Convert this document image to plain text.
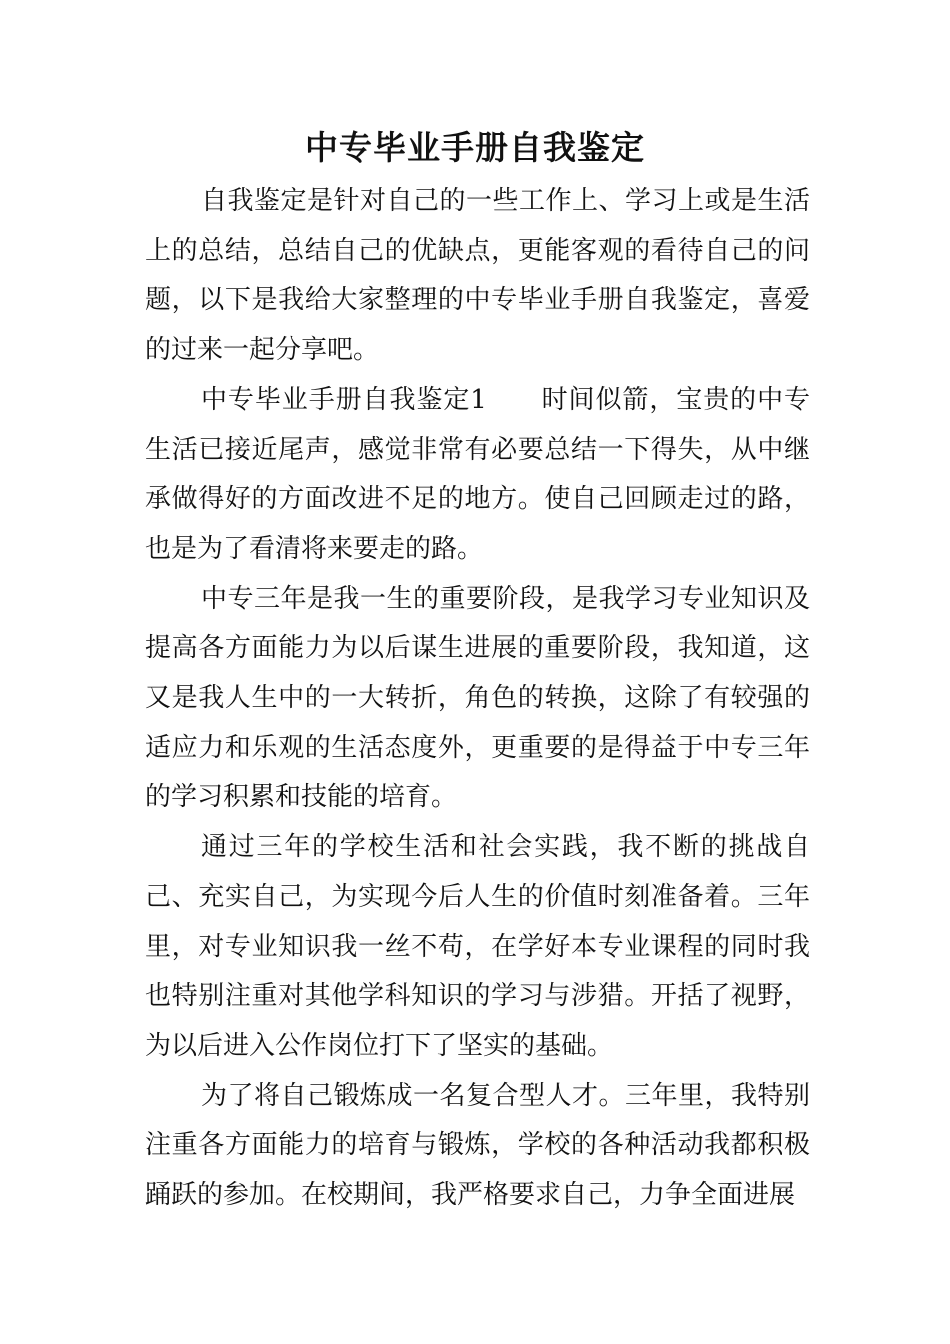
中专毕业手册自我鉴定

自我鉴定是针对自己的一些工作上、学习上或是生活上的总结，总结自己的优缺点，更能客观的看待自己的问题，以下是我给大家整理的中专毕业手册自我鉴定，喜爱的过来一起分享吧。

中专毕业手册自我鉴定1　　时间似箭，宝贵的中专生活已接近尾声，感觉非常有必要总结一下得失，从中继承做得好的方面改进不足的地方。使自己回顾走过的路，也是为了看清将来要走的路。

中专三年是我一生的重要阶段，是我学习专业知识及提高各方面能力为以后谋生进展的重要阶段，我知道，这又是我人生中的一大转折，角色的转换，这除了有较强的适应力和乐观的生活态度外，更重要的是得益于中专三年的学习积累和技能的培育。

通过三年的学校生活和社会实践，我不断的挑战自己、充实自己，为实现今后人生的价值时刻准备着。三年里，对专业知识我一丝不苟，在学好本专业课程的同时我也特别注重对其他学科知识的学习与涉猎。开括了视野，为以后进入公作岗位打下了坚实的基础。

为了将自己锻炼成一名复合型人才。三年里，我特别注重各方面能力的培育与锻炼，学校的各种活动我都积极踊跃的参加。在校期间，我严格要求自己，力争全面进展
